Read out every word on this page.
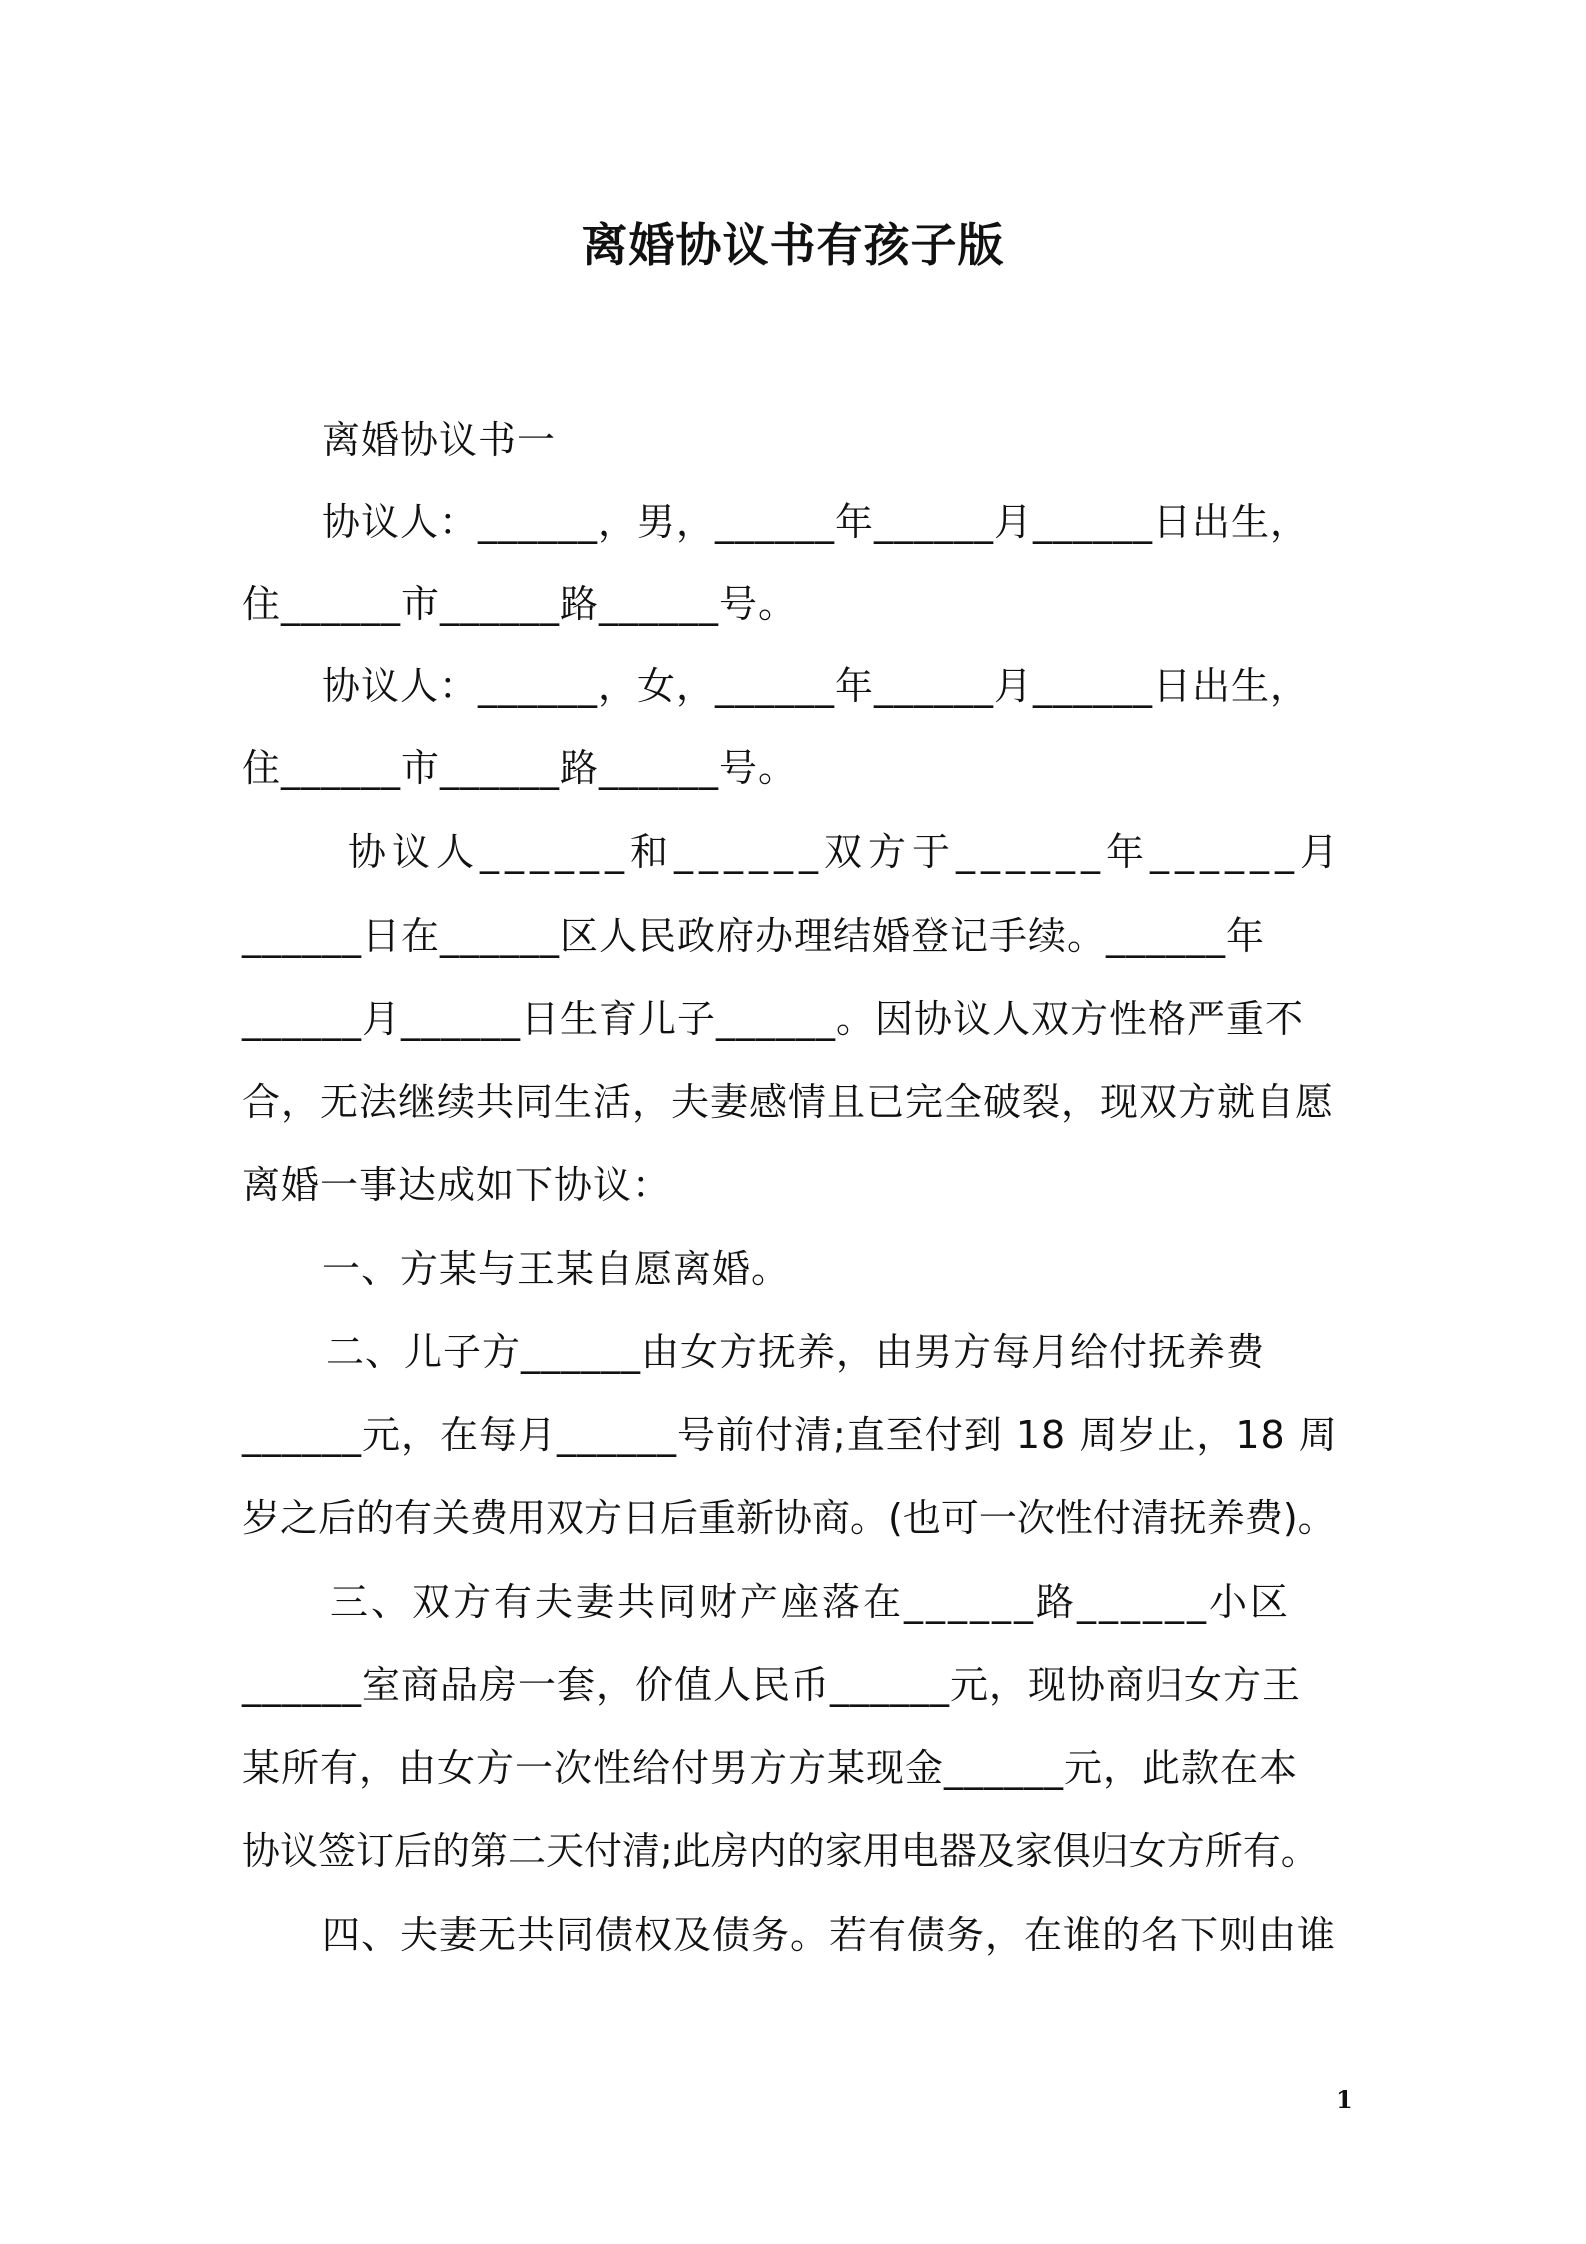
离婚协议书有孩子版
离婚协议书一
协议人：______，男，______年______月______日出生，
住______市______路______号。
协议人：______，女，______年______月______日出生，
住______市______路______号。
协议人______和______双方于______年______月
______日在______区人民政府办理结婚登记手续。______年
______月______日生育儿子______。因协议人双方性格严重不
合，无法继续共同生活，夫妻感情且已完全破裂，现双方就自愿
离婚一事达成如下协议：
一、方某与王某自愿离婚。
二、儿子方______由女方抚养，由男方每月给付抚养费
______元，在每月______号前付清;直至付到 18 周岁止，18 周
岁之后的有关费用双方日后重新协商。(也可一次性付清抚养费)。
三、双方有夫妻共同财产座落在______路______小区
______室商品房一套，价值人民币______元，现协商归女方王
某所有，由女方一次性给付男方方某现金______元，此款在本
协议签订后的第二天付清;此房内的家用电器及家俱归女方所有。
四、夫妻无共同债权及债务。若有债务，在谁的名下则由谁
1
